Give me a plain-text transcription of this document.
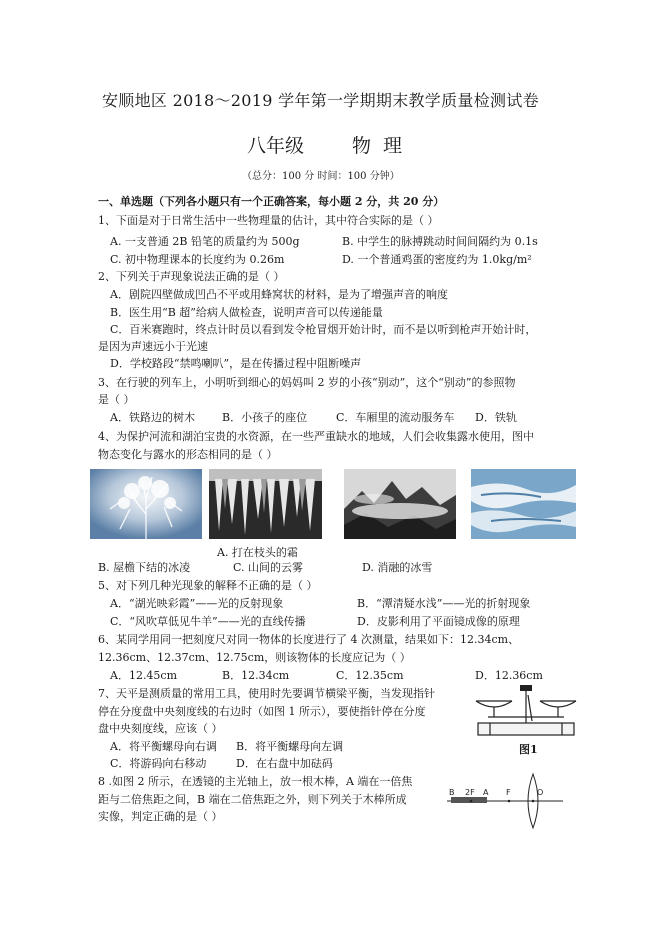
安顺地区 2018～2019 学年第一学期期末教学质量检测试卷
八年级	物 理
（总分：100 分 时间：100 分钟）
一、单选题（下列各小题只有一个正确答案，每小题 2 分，共 20 分）
1、下面是对于日常生活中一些物理量的估计，其中符合实际的是（ ）
A. 一支普通 2B 铅笔的质量约为 500g	B. 中学生的脉搏跳动时间间隔约为 0.1s
C. 初中物理课本的长度约为 0.26m	D. 一个普通鸡蛋的密度约为 1.0kg/m²
2、下列关于声现象说法正确的是（ ）
A．剧院四壁做成凹凸不平或用蜂窝状的材料，是为了增强声音的响度
B．医生用“B 超”给病人做检查，说明声音可以传递能量
C．百米赛跑时，终点计时员以看到发令枪冒烟开始计时，而不是以听到枪声开始计时，
是因为声速远小于光速
D．学校路段“禁鸣喇叭”，是在传播过程中阻断噪声
3、在行驶的列车上，小明听到细心的妈妈叫 2 岁的小孩“别动”，这个“别动”的参照物
是（ ）
A．铁路边的树木 B．小孩子的座位	C．车厢里的流动服务车 D．铁轨
4、为保护河流和湖泊宝贵的水资源，在一些严重缺水的地域，人们会收集露水使用，图中
物态变化与露水的形态相同的是（ ）
A. 打在枝头的霜
B. 屋檐下结的冰凌	C. 山间的云雾	D. 消融的冰雪
5、对下列几种光现象的解释不正确的是（ ）
A．“湖光映彩霞”——光的反射现象	B．“潭清疑水浅”——光的折射现象
C．“风吹草低见牛羊”——光的直线传播	D．皮影利用了平面镜成像的原理
6、某同学用同一把刻度尺对同一物体的长度进行了 4 次测量，结果如下：12.34cm、
12.36cm、12.37cm、12.75cm，则该物体的长度应记为（ ）
A．12.45cm	B．12.34cm	C．12.35cm	D．12.36cm
7、天平是测质量的常用工具，使用时先要调节横梁平衡，当发现指针
停在分度盘中央刻度线的右边时（如图 1 所示），要使指针停在分度
盘中央刻度线，应该（ ）
A．将平衡螺母向右调 B．将平衡螺母向左调
C．将游码向右移动	D．在右盘中加砝码
图1
8 .如图 2 所示，在透镜的主光轴上，放一根木棒，A 端在一倍焦
距与二倍焦距之间，B 端在二倍焦距之外，则下列关于木棒所成
实像，判定正确的是（ ）
B 2F A F	O
